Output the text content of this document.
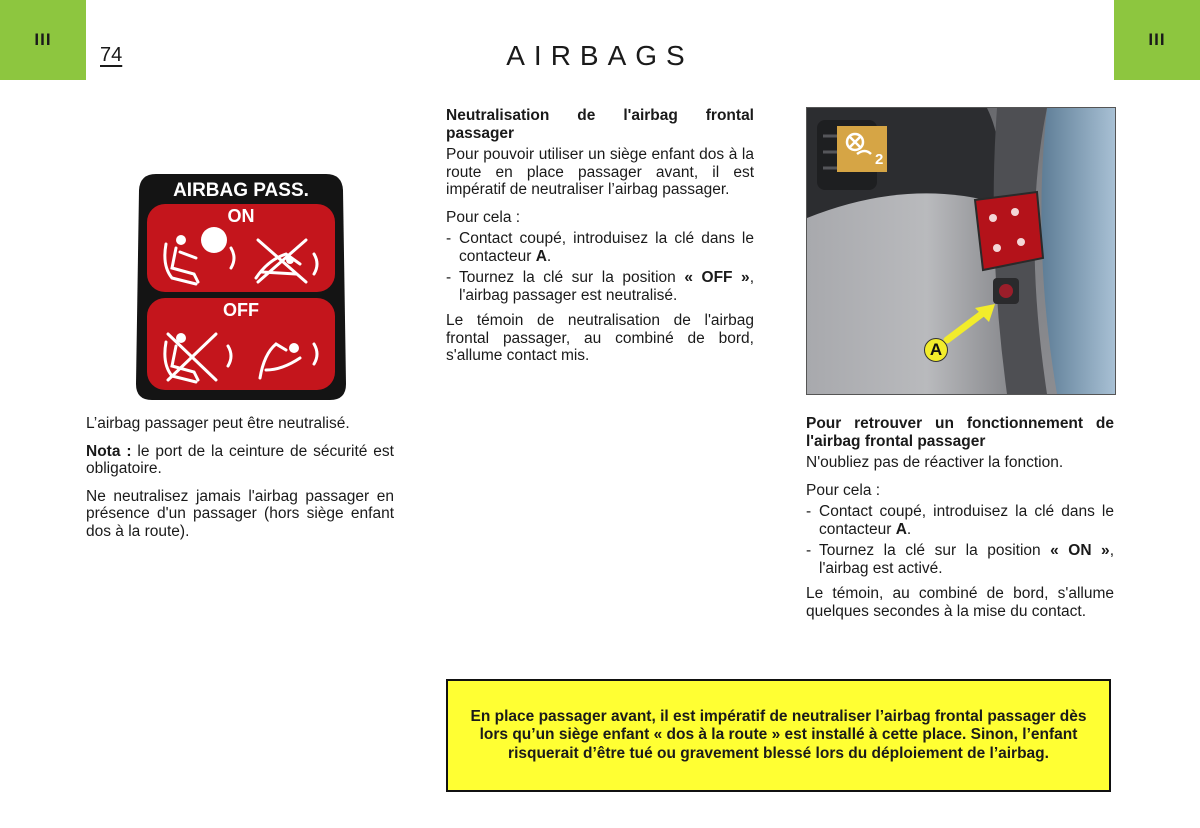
III	III
74	AIRBAGS
AIRBAG PASS.
ON
OFF

L’airbag passager peut être neutralisé.

Nota : le port de la ceinture de sécurité est obligatoire.

Ne neutralisez jamais l'airbag passager en présence d'un passager (hors siège enfant dos à la route).

Neutralisation de l'airbag frontal passager

Pour pouvoir utiliser un siège enfant dos à la route en place passager avant, il est impératif de neutraliser l’airbag passager.

Pour cela :

- Contact coupé, introduisez la clé dans le contacteur A.
- Tournez la clé sur la position « OFF », l'airbag passager est neutralisé.

Le témoin de neutralisation de l'airbag frontal passager, au combiné de bord, s'allume contact mis.

2
A

Pour retrouver un fonctionnement de l'airbag frontal passager

N'oubliez pas de réactiver la fonction.

Pour cela :

- Contact coupé, introduisez la clé dans le contacteur A.
- Tournez la clé sur la position « ON », l'airbag est activé.

Le témoin, au combiné de bord, s'allume quelques secondes à la mise du contact.

En place passager avant, il est impératif de neutraliser l’airbag frontal passager dès lors qu’un siège enfant « dos à la route » est installé à cette place. Sinon, l’enfant risquerait d’être tué ou gravement blessé lors du déploiement de l’airbag.
